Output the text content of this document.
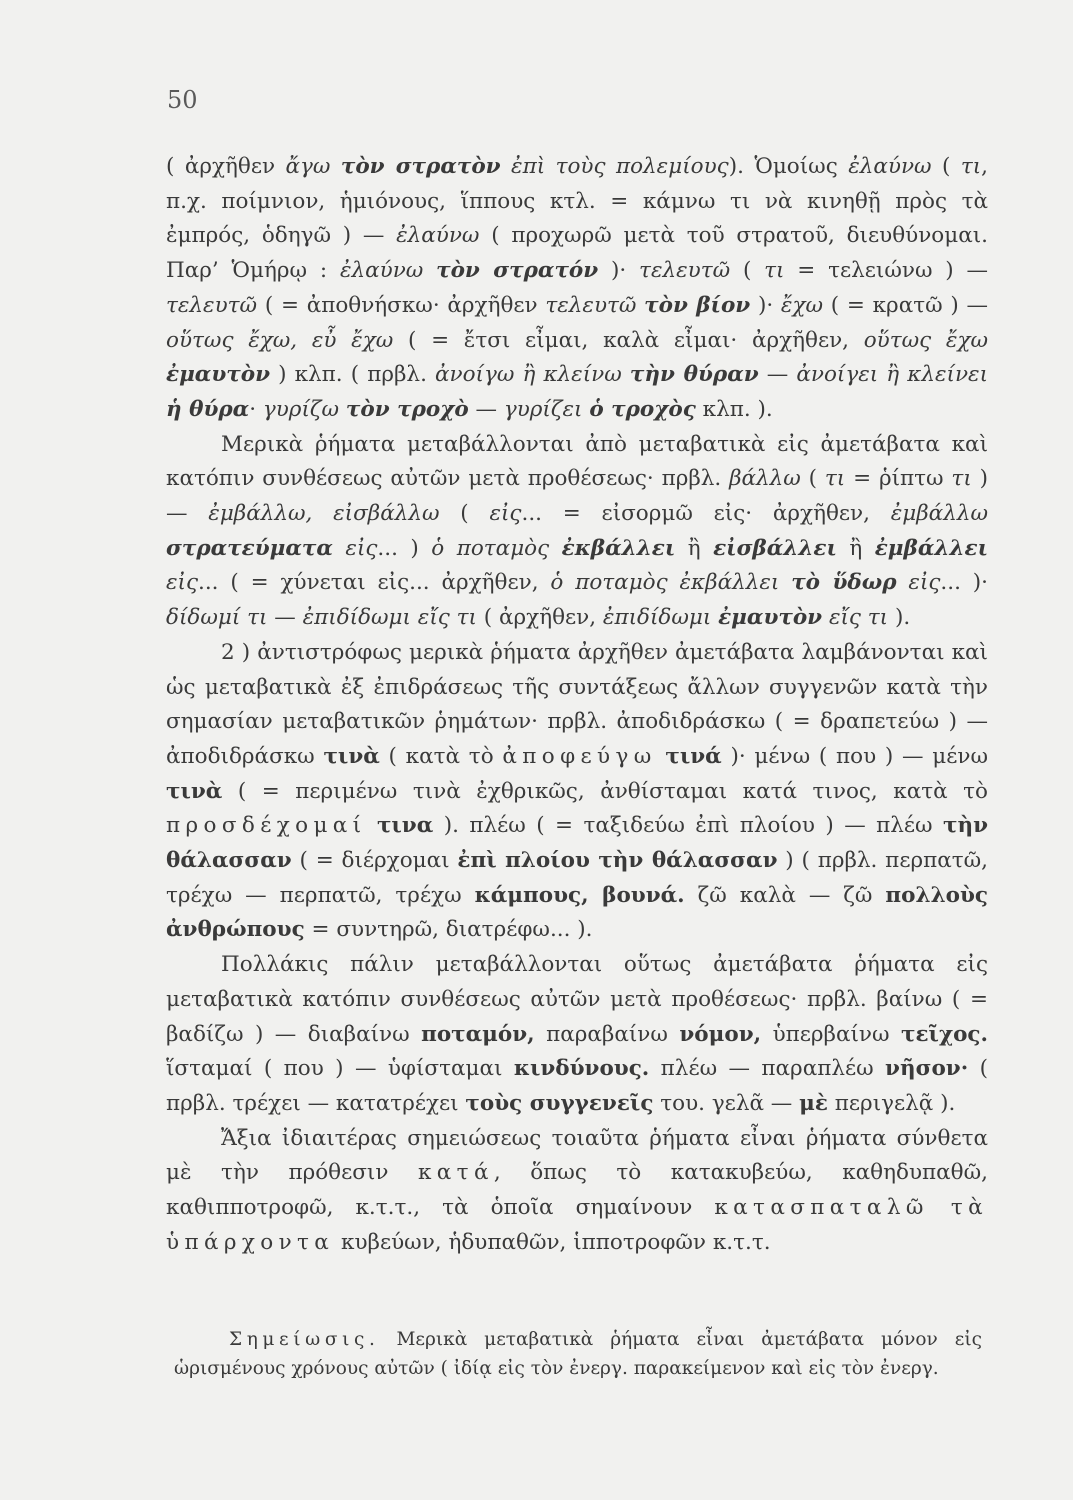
50

( ἀρχῆθεν ἄγω τὸν στρατὸν ἐπὶ τοὺς πολεμίους). Ὁμοίως ἐλαύνω ( τι, π.χ. ποίμνιον, ἡμιόνους, ἵππους κτλ. = κάμνω τι νὰ κινηθῇ πρὸς τὰ ἐμπρός, ὁδηγῶ ) — ἐλαύνω ( προχωρῶ μετὰ τοῦ στρατοῦ, διευθύνομαι. Παρ’ Ὁμήρῳ : ἐλαύνω τὸν στρατόν )· τελευτῶ ( τι = τελειώνω ) — τελευτῶ ( = ἀποθνήσκω· ἀρχῆθεν τελευτῶ τὸν βίον )· ἔχω ( = κρατῶ ) — οὕτως ἔχω, εὖ ἔχω ( = ἔτσι εἶμαι, καλὰ εἶμαι· ἀρχῆθεν, οὕτως ἔχω ἐμαυτὸν ) κλπ. ( πρβλ. ἀνοίγω ἢ κλείνω τὴν θύραν — ἀνοίγει ἢ κλείνει ἡ θύρα· γυρίζω τὸν τροχὸ — γυρίζει ὁ τροχὸς κλπ. ).

Μερικὰ ῥήματα μεταβάλλονται ἀπὸ μεταβατικὰ εἰς ἀμετάβατα καὶ κατόπιν συνθέσεως αὐτῶν μετὰ προθέσεως· πρβλ. βάλλω ( τι = ῥίπτω τι ) — ἐμβάλλω, εἰσβάλλω ( εἰς... = εἰσορμῶ εἰς· ἀρχῆθεν, ἐμβάλλω στρατεύματα εἰς... ) ὁ ποταμὸς ἐκβάλλει ἢ εἰσβάλλει ἢ ἐμβάλλει εἰς... ( = χύνεται εἰς... ἀρχῆθεν, ὁ ποταμὸς ἐκβάλλει τὸ ὕδωρ εἰς... )· δίδωμί τι — ἐπιδίδωμι εἴς τι ( ἀρχῆθεν, ἐπιδίδωμι ἐμαυτὸν εἴς τι ).

2 ) ἀντιστρόφως μερικὰ ῥήματα ἀρχῆθεν ἀμετάβατα λαμβάνονται καὶ ὡς μεταβατικὰ ἐξ ἐπιδράσεως τῆς συντάξεως ἄλλων συγγενῶν κατὰ τὴν σημασίαν μεταβατικῶν ῥημάτων· πρβλ. ἀποδιδράσκω ( = δραπετεύω ) — ἀποδιδράσκω τινὰ ( κατὰ τὸ ἀποφεύγω τινά )· μένω ( που ) — μένω τινὰ ( = περιμένω τινὰ ἐχθρικῶς, ἀνθίσταμαι κατά τινος, κατὰ τὸ προσδέχομαί τινα ). πλέω ( = ταξιδεύω ἐπὶ πλοίου ) — πλέω τὴν θάλασσαν ( = διέρχομαι ἐπὶ πλοίου τὴν θάλασσαν ) ( πρβλ. περπατῶ, τρέχω — περπατῶ, τρέχω κάμπους, βουνά. ζῶ καλὰ — ζῶ πολλοὺς ἀνθρώπους = συντηρῶ, διατρέφω... ).

Πολλάκις πάλιν μεταβάλλονται οὕτως ἀμετάβατα ῥήματα εἰς μεταβατικὰ κατόπιν συνθέσεως αὐτῶν μετὰ προθέσεως· πρβλ. βαίνω ( = βαδίζω ) — διαβαίνω ποταμόν, παραβαίνω νόμον, ὑπερβαίνω τεῖχος. ἵσταμαί ( που ) — ὑφίσταμαι κινδύνους. πλέω — παραπλέω νῆσον· ( πρβλ. τρέχει — κατατρέχει τοὺς συγγενεῖς του. γελᾶ — μὲ περιγελᾷ ).

Ἄξια ἰδιαιτέρας σημειώσεως τοιαῦτα ῥήματα εἶναι ῥήματα σύνθετα μὲ τὴν πρόθεσιν κατά, ὅπως τὸ κατακυβεύω, καθηδυπαθῶ, καθιπποτροφῶ, κ.τ.τ., τὰ ὁποῖα σημαίνουν κατασπαταλῶ τὰ ὑπάρχοντα κυβεύων, ἡδυπαθῶν, ἱπποτροφῶν κ.τ.τ.

Σημείωσις. Μερικὰ μεταβατικὰ ῥήματα εἶναι ἀμετάβατα μόνον εἰς ὡρισμένους χρόνους αὐτῶν ( ἰδίᾳ εἰς τὸν ἐνεργ. παρακείμενον καὶ εἰς τὸν ἐνεργ.
